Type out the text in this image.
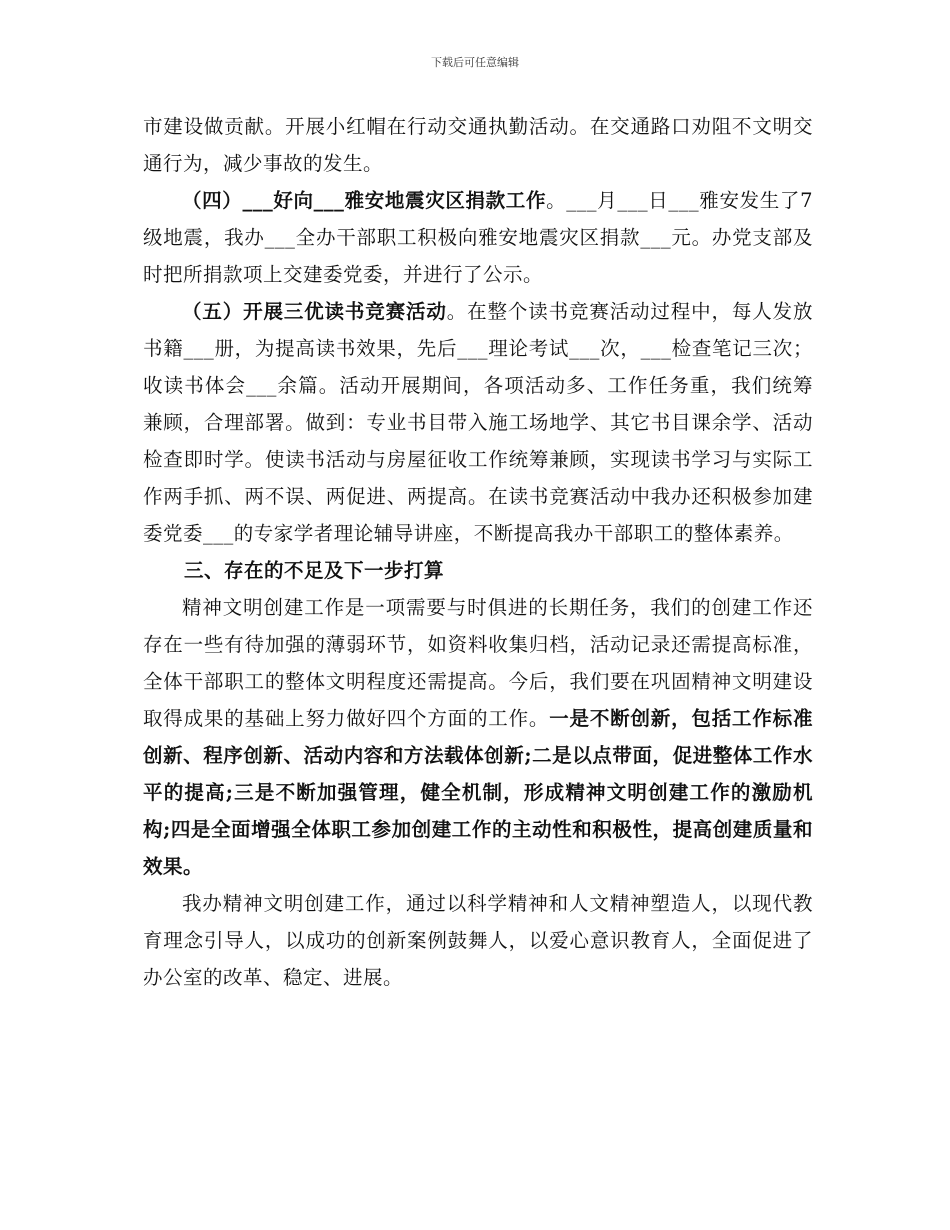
下载后可任意编辑

市建设做贡献。开展小红帽在行动交通执勤活动。在交通路口劝阻不文明交通行为，减少事故的发生。

（四）___好向___雅安地震灾区捐款工作。___月___日___雅安发生了7级地震，我办___全办干部职工积极向雅安地震灾区捐款___元。办党支部及时把所捐款项上交建委党委，并进行了公示。

（五）开展三优读书竞赛活动。在整个读书竞赛活动过程中，每人发放书籍___册，为提高读书效果，先后___理论考试___次，___检查笔记三次；收读书体会___余篇。活动开展期间，各项活动多、工作任务重，我们统筹兼顾，合理部署。做到：专业书目带入施工场地学、其它书目课余学、活动检查即时学。使读书活动与房屋征收工作统筹兼顾，实现读书学习与实际工作两手抓、两不误、两促进、两提高。在读书竞赛活动中我办还积极参加建委党委___的专家学者理论辅导讲座，不断提高我办干部职工的整体素养。

三、存在的不足及下一步打算

精神文明创建工作是一项需要与时俱进的长期任务，我们的创建工作还存在一些有待加强的薄弱环节，如资料收集归档，活动记录还需提高标准，全体干部职工的整体文明程度还需提高。今后，我们要在巩固精神文明建设取得成果的基础上努力做好四个方面的工作。一是不断创新，包括工作标准创新、程序创新、活动内容和方法载体创新;二是以点带面，促进整体工作水平的提高;三是不断加强管理，健全机制，形成精神文明创建工作的激励机构;四是全面增强全体职工参加创建工作的主动性和积极性，提高创建质量和效果。

我办精神文明创建工作，通过以科学精神和人文精神塑造人，以现代教育理念引导人，以成功的创新案例鼓舞人，以爱心意识教育人，全面促进了办公室的改革、稳定、进展。
